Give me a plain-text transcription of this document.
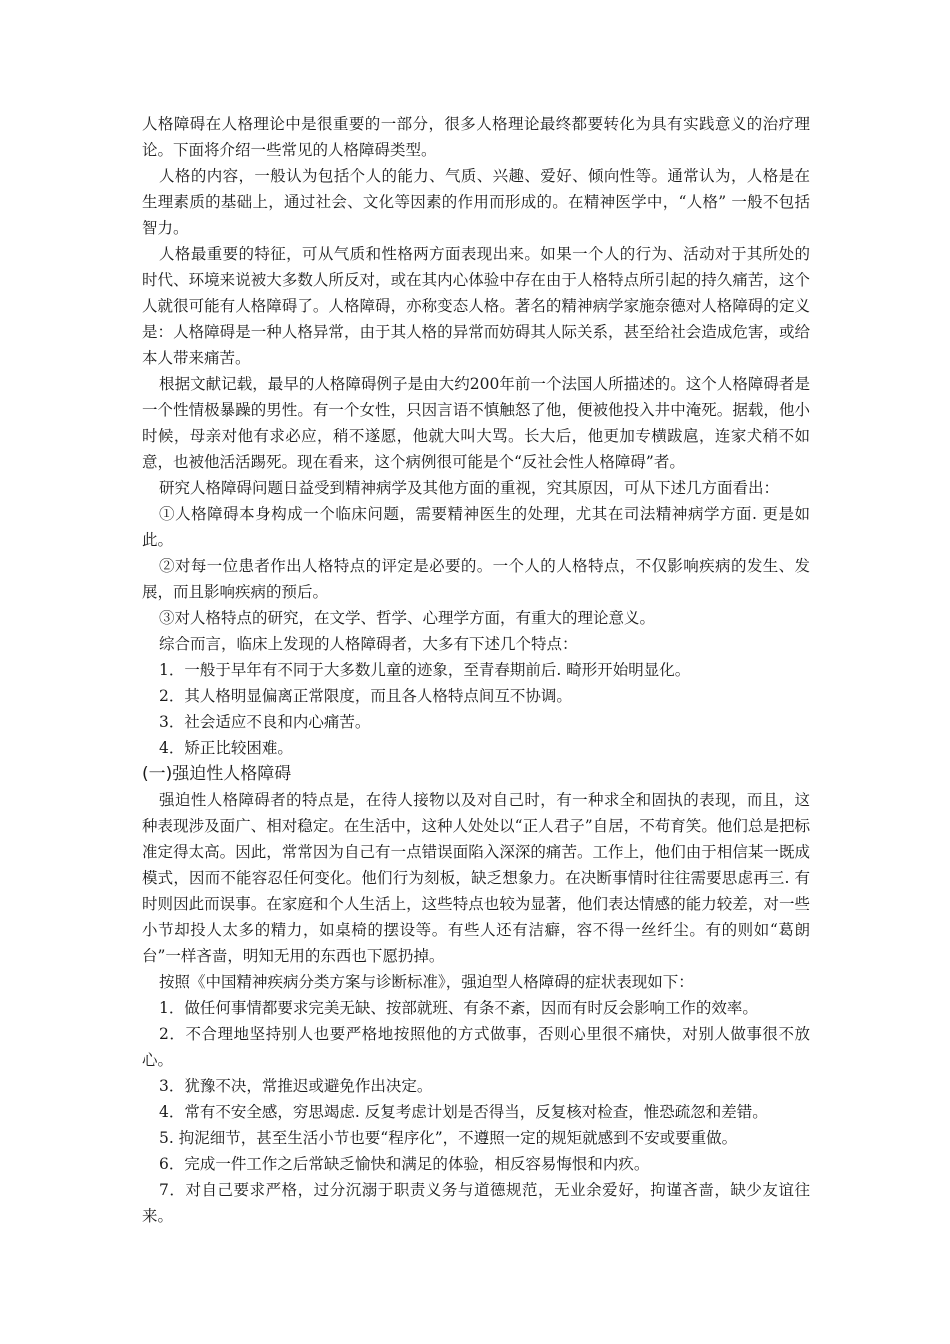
人格障碍在人格理论中是很重要的一部分，很多人格理论最终都要转化为具有实践意义的治疗理论。下面将介绍一些常见的人格障碍类型。

人格的内容，一般认为包括个人的能力、气质、兴趣、爱好、倾向性等。通常认为，人格是在生理素质的基础上，通过社会、文化等因素的作用而形成的。在精神医学中，“人格” 一般不包括智力。

人格最重要的特征，可从气质和性格两方面表现出来。如果一个人的行为、活动对于其所处的时代、环境来说被大多数人所反对，或在其内心体验中存在由于人格特点所引起的持久痛苦，这个人就很可能有人格障碍了。人格障碍，亦称变态人格。著名的精神病学家施奈德对人格障碍的定义是：人格障碍是一种人格异常，由于其人格的异常而妨碍其人际关系，甚至给社会造成危害，或给本人带来痛苦。

根据文献记载，最早的人格障碍例子是由大约200年前一个法国人所描述的。这个人格障碍者是一个性情极暴躁的男性。有一个女性，只因言语不慎触怒了他，便被他投入井中淹死。据载，他小时候，母亲对他有求必应，稍不遂愿，他就大叫大骂。长大后，他更加专横跋扈，连家犬稍不如意，也被他活活踢死。现在看来，这个病例很可能是个“反社会性人格障碍”者。

研究人格障碍问题日益受到精神病学及其他方面的重视，究其原因，可从下述几方面看出：

①人格障碍本身构成一个临床问题，需要精神医生的处理，尤其在司法精神病学方面. 更是如此。

②对每一位患者作出人格特点的评定是必要的。一个人的人格特点，不仅影响疾病的发生、发展，而且影响疾病的预后。

③对人格特点的研究，在文学、哲学、心理学方面，有重大的理论意义。

综合而言，临床上发现的人格障碍者，大多有下述几个特点：

1．一般于早年有不同于大多数儿童的迹象，至青春期前后. 畸形开始明显化。

2．其人格明显偏离正常限度，而且各人格特点间互不协调。

3．社会适应不良和内心痛苦。

4．矫正比较困难。

(一)强迫性人格障碍

强迫性人格障碍者的特点是，在待人接物以及对自己时，有一种求全和固执的表现，而且，这种表现涉及面广、相对稳定。在生活中，这种人处处以“正人君子”自居，不苟育笑。他们总是把标准定得太高。因此，常常因为自己有一点错误面陷入深深的痛苦。工作上，他们由于相信某一既成模式，因而不能容忍任何变化。他们行为刻板，缺乏想象力。在决断事情时往往需要思虑再三. 有时则因此而误事。在家庭和个人生活上，这些特点也较为显著，他们表达情感的能力较差，对一些小节却投人太多的精力，如桌椅的摆设等。有些人还有洁癖，容不得一丝纤尘。有的则如“葛朗台”一样吝啬，明知无用的东西也下愿扔掉。

按照《中国精神疾病分类方案与诊断标准》，强迫型人格障碍的症状表现如下：

1．做任何事情都要求完美无缺、按部就班、有条不紊，因而有时反会影响工作的效率。

2．不合理地坚持别人也要严格地按照他的方式做事，否则心里很不痛快，对别人做事很不放心。

3．犹豫不决，常推迟或避免作出决定。

4．常有不安全感，穷思竭虑. 反复考虑计划是否得当，反复核对检查，惟恐疏忽和差错。

5. 拘泥细节，甚至生活小节也要“程序化”，不遵照一定的规矩就感到不安或要重做。

6．完成一件工作之后常缺乏愉快和满足的体验，相反容易悔恨和内疚。

7．对自己要求严格，过分沉溺于职责义务与道德规范，无业余爱好，拘谨吝啬，缺少友谊往来。
